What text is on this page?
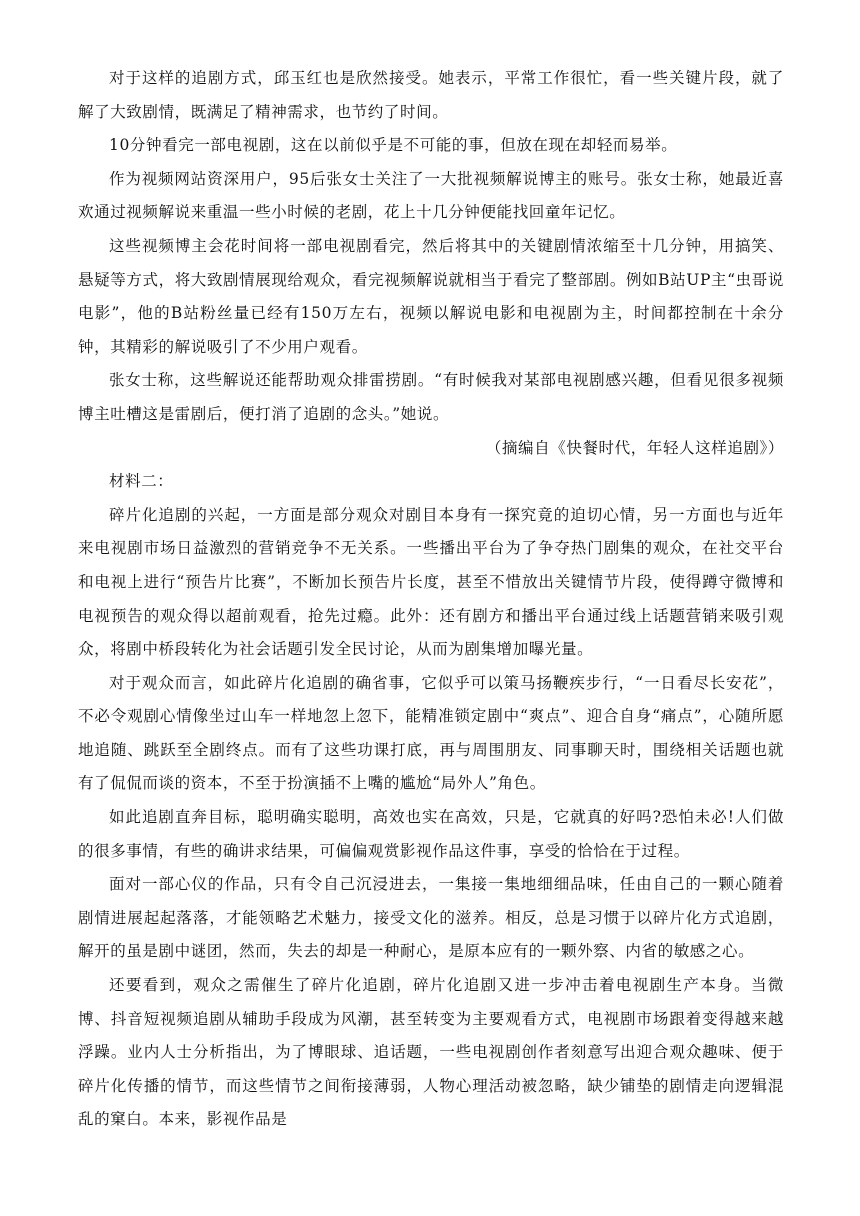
对于这样的追剧方式，邱玉红也是欣然接受。她表示，平常工作很忙，看一些关键片段，就了解了大致剧情，既满足了精神需求，也节约了时间。

10分钟看完一部电视剧，这在以前似乎是不可能的事，但放在现在却轻而易举。

作为视频网站资深用户，95后张女士关注了一大批视频解说博主的账号。张女士称，她最近喜欢通过视频解说来重温一些小时候的老剧，花上十几分钟便能找回童年记忆。

这些视频博主会花时间将一部电视剧看完，然后将其中的关键剧情浓缩至十几分钟，用搞笑、悬疑等方式，将大致剧情展现给观众，看完视频解说就相当于看完了整部剧。例如B站UP主“虫哥说电影”，他的B站粉丝量已经有150万左右，视频以解说电影和电视剧为主，时间都控制在十余分钟，其精彩的解说吸引了不少用户观看。

张女士称，这些解说还能帮助观众排雷捞剧。“有时候我对某部电视剧感兴趣，但看见很多视频博主吐槽这是雷剧后，便打消了追剧的念头。”她说。

（摘编自《快餐时代，年轻人这样追剧》）

材料二：

碎片化追剧的兴起，一方面是部分观众对剧目本身有一探究竟的迫切心情，另一方面也与近年来电视剧市场日益激烈的营销竞争不无关系。一些播出平台为了争夺热门剧集的观众，在社交平台和电视上进行“预告片比赛”，不断加长预告片长度，甚至不惜放出关键情节片段，使得蹲守微博和电视预告的观众得以超前观看，抢先过瘾。此外：还有剧方和播出平台通过线上话题营销来吸引观众，将剧中桥段转化为社会话题引发全民讨论，从而为剧集增加曝光量。

对于观众而言，如此碎片化追剧的确省事，它似乎可以策马扬鞭疾步行，“一日看尽长安花”，不必令观剧心情像坐过山车一样地忽上忽下，能精准锁定剧中“爽点”、迎合自身“痛点”，心随所愿地追随、跳跃至全剧终点。而有了这些功课打底，再与周围朋友、同事聊天时，围绕相关话题也就有了侃侃而谈的资本，不至于扮演插不上嘴的尴尬“局外人”角色。

如此追剧直奔目标，聪明确实聪明，高效也实在高效，只是，它就真的好吗?恐怕未必!人们做的很多事情，有些的确讲求结果，可偏偏观赏影视作品这件事，享受的恰恰在于过程。

面对一部心仪的作品，只有令自己沉浸进去，一集接一集地细细品味，任由自己的一颗心随着剧情进展起起落落，才能领略艺术魅力，接受文化的滋养。相反，总是习惯于以碎片化方式追剧，解开的虽是剧中谜团，然而，失去的却是一种耐心，是原本应有的一颗外察、内省的敏感之心。

还要看到，观众之需催生了碎片化追剧，碎片化追剧又进一步冲击着电视剧生产本身。当微博、抖音短视频追剧从辅助手段成为风潮，甚至转变为主要观看方式，电视剧市场跟着变得越来越浮躁。业内人士分析指出，为了博眼球、追话题，一些电视剧创作者刻意写出迎合观众趣味、便于碎片化传播的情节，而这些情节之间衔接薄弱，人物心理活动被忽略，缺少铺垫的剧情走向逻辑混乱的窠白。本来，影视作品是
